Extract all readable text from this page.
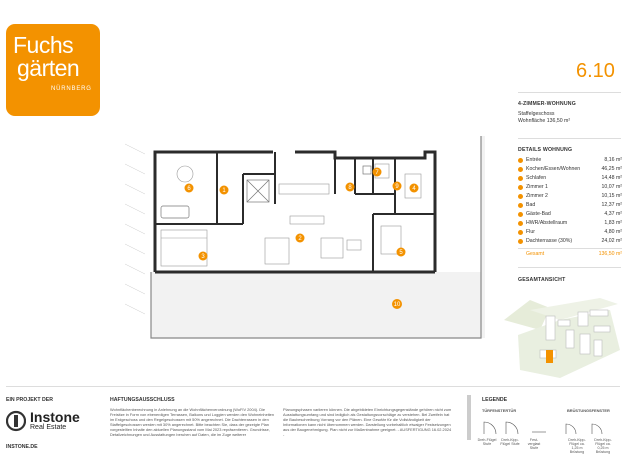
Fuchs
gärten
NÜRNBERG
6.10
4-ZIMMER-WOHNUNG
Staffelgeschoss
Wohnfläche 136,50 m²
DETAILS WOHNUNG
Entrée	8,16 m²
Kochen/Essen/Wohnen	46,25 m²
Schlafen	14,48 m²
Zimmer 1	10,07 m²
Zimmer 2	10,15 m²
Bad	12,37 m²
Gäste-Bad	4,37 m²
HWR/Abstellraum	1,83 m²
Flur	4,80 m²
Dachterrasse (30%)	24,02 m²
Gesamt	136,50 m²
GESAMTANSICHT
1
2
3
4
5
6
7
8	9
10
EIN PROJEKT DER
Instone
Real Estate
INSTONE.DE
HAFTUNGSAUSSCHLUSS
Wohnflächenberechnung in Anlehnung an die Wohnflächenverordnung (WoFIV 2004). Die Freisitze in Form von ebenerdigen Terrassen, Balkons und Loggien werden den Wohneinheiten im Erdgeschoss und den Regelgeschossen mit 50% angerechnet. Die Dachterrassen in den Staffelgeschossen werden mit 30% angerechnet. Bitte beachten Sie, dass der gezeigte Plan vorgestellten Inhalte den aktuellen Planungsstand vom Mai 2023 repräsentieren. Grundrisse, Detailzeichnungen und Ausstattungen beruhen auf Daten, die im Zuge weiterer
Planungsphasen variieren können. Die abgebildeten Einrichtungsgegenstände gehören nicht zum Ausstattungsumfang und sind lediglich als Gestaltungsvorschläge zu verstehen. Bei Zweifeln hat die Baubeschreibung Vorrang vor den Plänen. Eine Gewähr für die Vollständigkeit der Informationen kann nicht übernommen werden. Darstellung vorbehaltlich etwaiger Festsetzungen aus der Baugenehmigung. Plan nicht zur Maßentnahme geeignet. - AUSFERTIGUNG 16.02.2024 -
LEGENDE
TÜRFENSTERTÜR	BRÜSTUNGSFENSTER
Dreh-Flügel Stufe
Dreh-Kipp-Flügel Stufe
Fest-verglast Stufe
Dreh-Kipp-Flügel ca. 1,25 m Brüstung
Dreh-Kipp-Flügel ca. 0,25 m Brüstung
